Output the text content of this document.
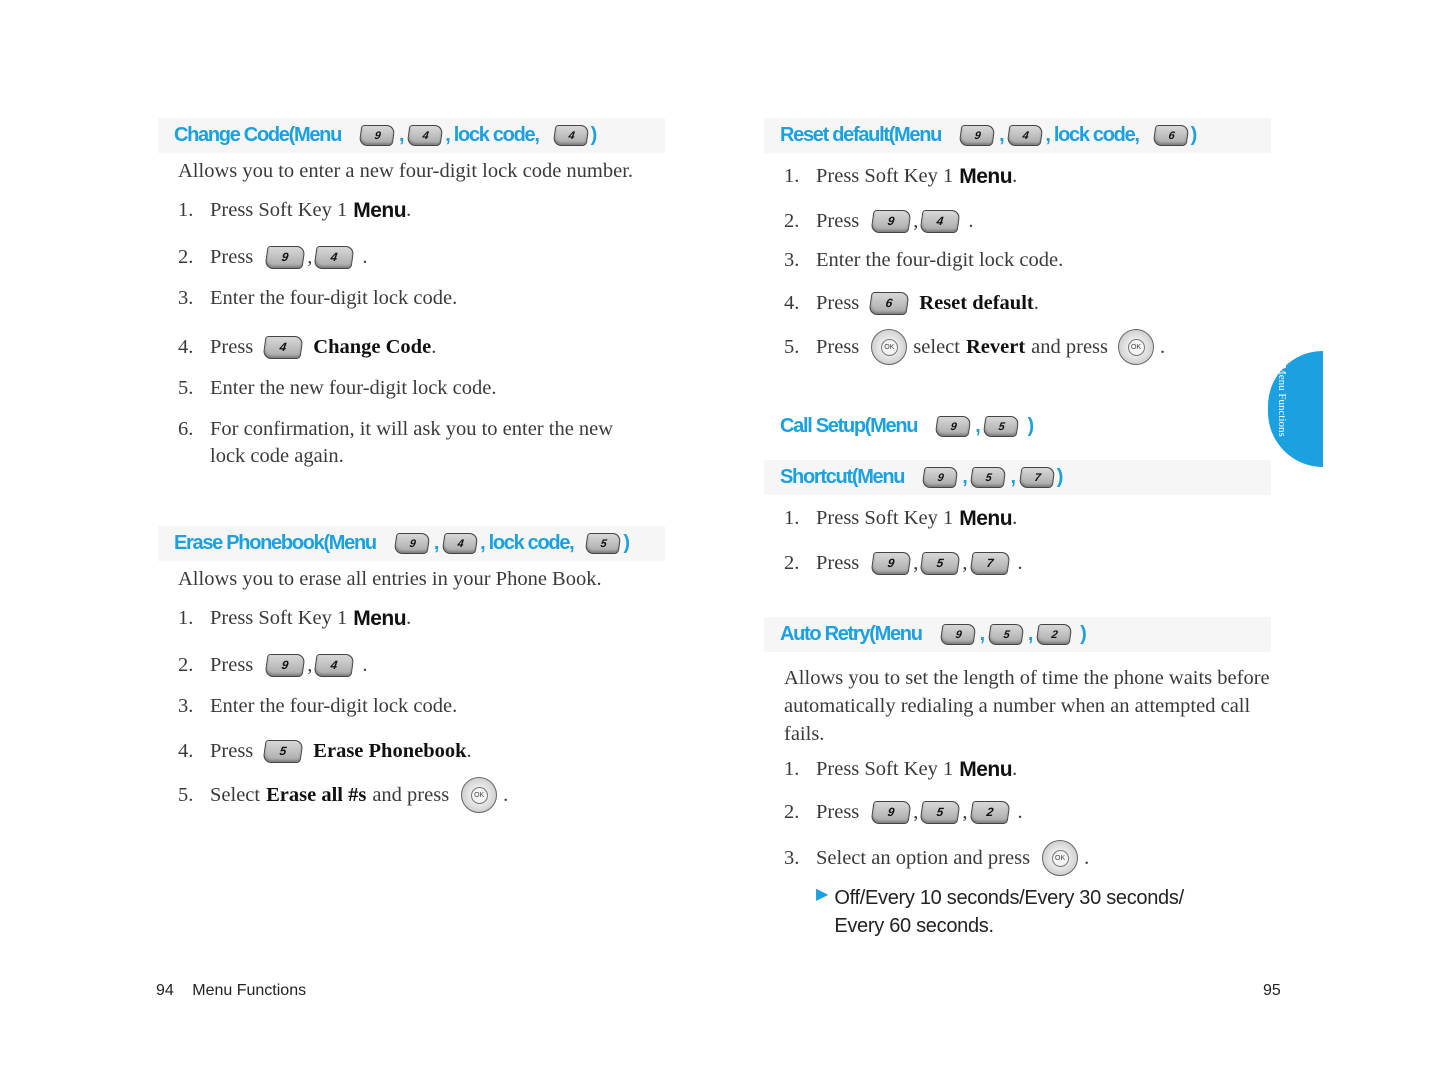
Change Code (Menu	9 ,	4 , lock code,	4 )
Allows you to enter a new four-digit lock code number.
1. Press Soft Key 1 Menu .
2. Press	9 ,	4	.
3. Enter the four-digit lock code.
4. Press	4	Change Code .
5. Enter the new four-digit lock code.
6. For confirmation, it will ask you to enter the new lock code again.
Erase Phonebook (Menu	9 ,	4 , lock code,	5 )
Allows you to erase all entries in your Phone Book.
1. Press Soft Key 1 Menu .
2. Press	9 ,	4	.
3. Enter the four-digit lock code.
4. Press	5	Erase Phonebook .
5. Select Erase all #s and press	OK .
94 Menu Functions
Reset default (Menu	9 ,	4 , lock code,	6 )
1. Press Soft Key 1 Menu .
2. Press	9 ,	4	.
3. Enter the four-digit lock code.
4. Press	6	Reset default .
5. Press	OK select Revert and press	OK .
Call Setup (Menu	9 ,	5	)
Shortcut (Menu	9 ,	5 ,	7 )
1. Press Soft Key 1 Menu .
2. Press	9 ,	5 ,	7	.
Auto Retry (Menu	9 ,	5 ,	2	)
Allows you to set the length of time the phone waits before automatically redialing a number when an attempted call fails.
1. Press Soft Key 1 Menu .
2. Press	9 ,	5 ,	2	.
3. Select an option and press	OK .
▶ Off/Every 10 seconds/Every 30 seconds/ Every 60 seconds.
95
Menu Functions
